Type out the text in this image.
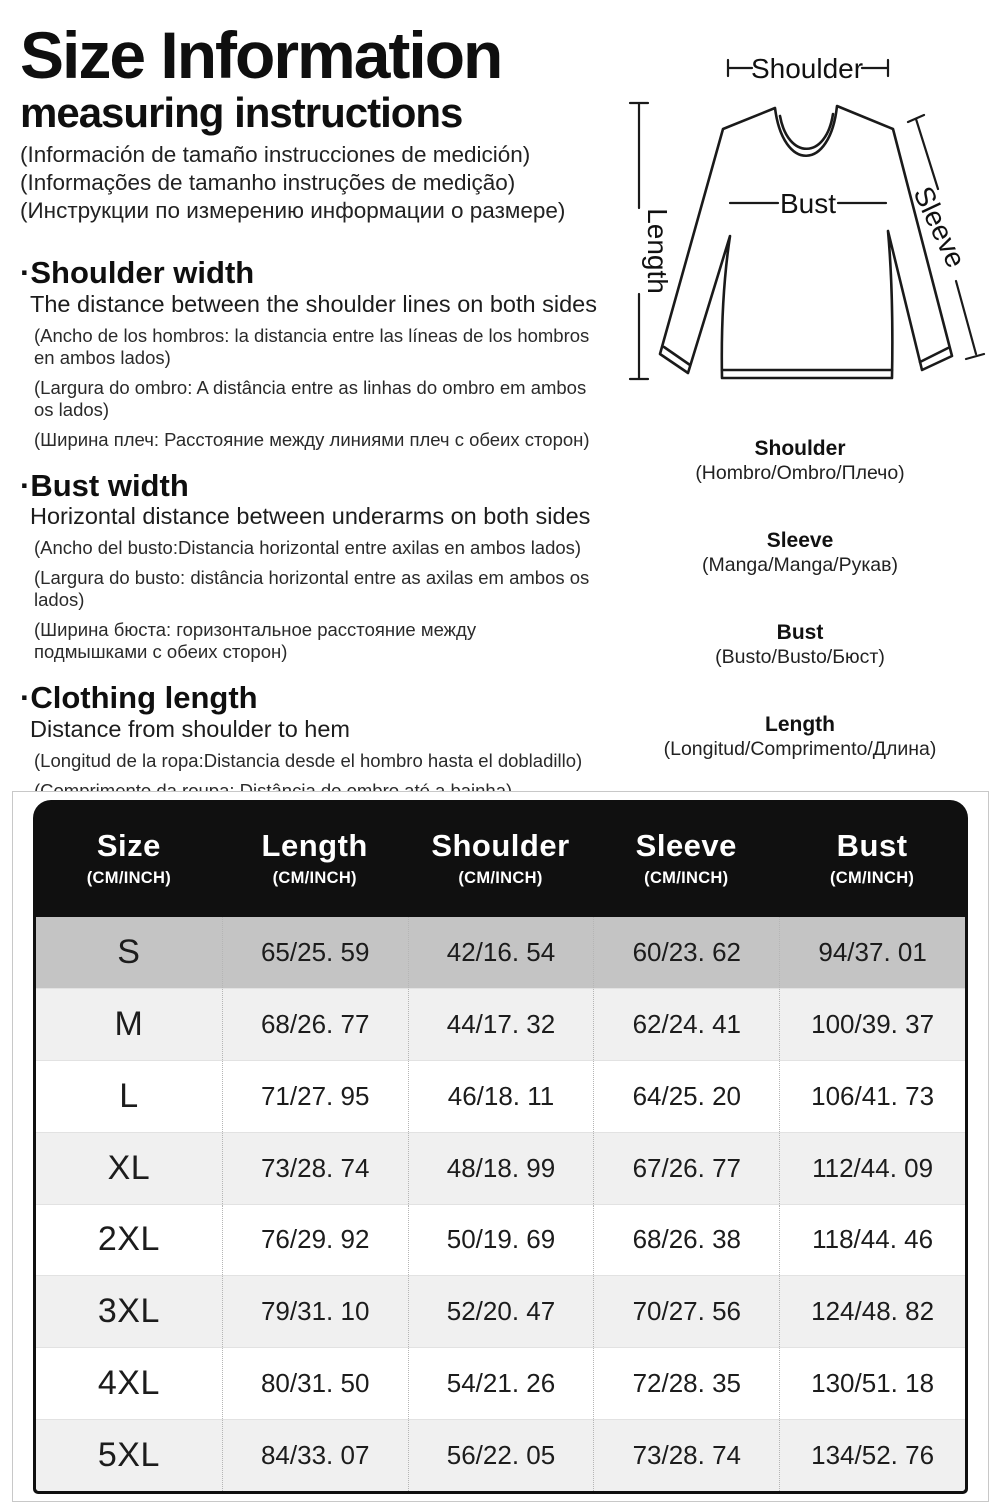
Size Information
measuring instructions

(Información de tamaño instrucciones de medición)

(Informações de tamanho instruções de medição)

(Инструкции по измерению информации о размере)

·Shoulder width

The distance between the shoulder lines on both sides

(Ancho de los hombros: la distancia entre las líneas de los hombros en ambos lados)

(Largura do ombro: A distância entre as linhas do ombro em ambos os lados)

(Ширина плеч: Расстояние между линиями плеч с обеих сторон)

·Bust width

Horizontal distance between underarms on both sides

(Ancho del busto:Distancia horizontal entre axilas en ambos lados)

(Largura do busto: distância horizontal entre as axilas em ambos os lados)

(Ширина бюста: горизонтальное расстояние между подмышками с обеих сторон)

·Clothing length

Distance from shoulder to hem

(Longitud de la ropa:Distancia desde el hombro hasta el dobladillo)

Shoulder
Length
Bust	Sleeve
Shoulder
(Hombro/Ombro/Плечо)
Sleeve
(Manga/Manga/Рукав)
Bust
(Busto/Busto/Бюст)
Length
(Longitud/Comprimento/Длина)
Size
(CM/INCH)
Length
(CM/INCH)
Shoulder
(CM/INCH)
Sleeve
(CM/INCH)
Bust
(CM/INCH)
S	65/25. 59	42/16. 54	60/23. 62	94/37. 01
M	68/26. 77	44/17. 32	62/24. 41	100/39. 37
L	71/27. 95	46/18. 11	64/25. 20	106/41. 73
XL	73/28. 74	48/18. 99	67/26. 77	112/44. 09
2XL	76/29. 92	50/19. 69	68/26. 38	118/44. 46
3XL	79/31. 10	52/20. 47	70/27. 56	124/48. 82
4XL	80/31. 50	54/21. 26	72/28. 35	130/51. 18
5XL	84/33. 07	56/22. 05	73/28. 74	134/52. 76
